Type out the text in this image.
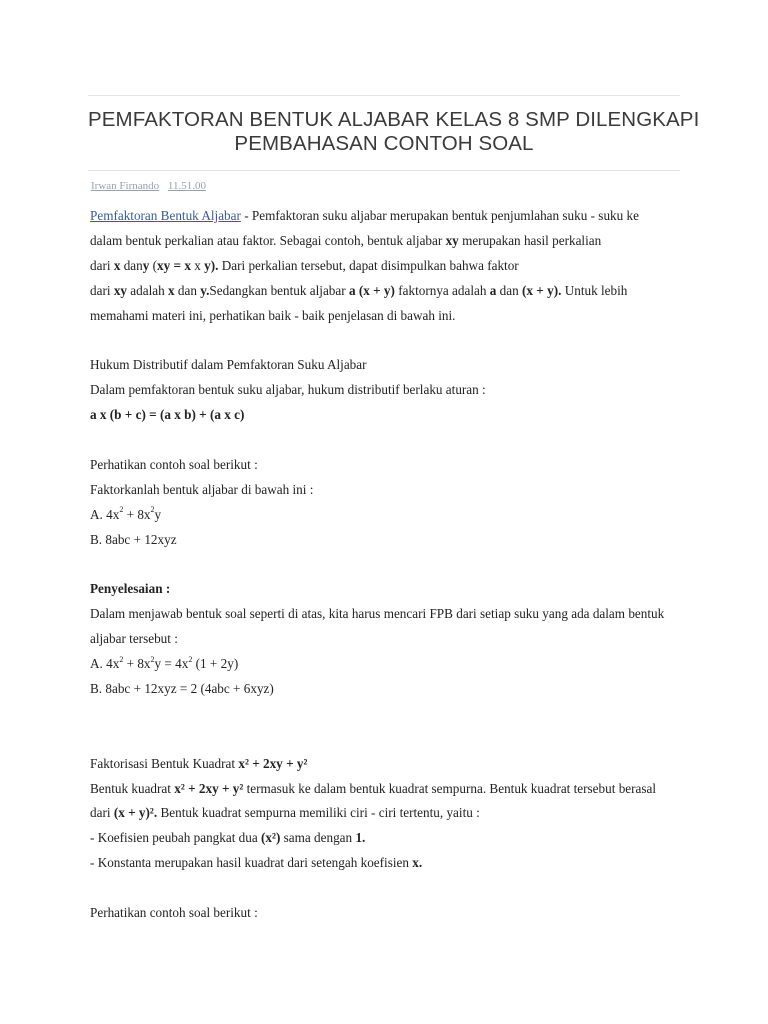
PEMFAKTORAN BENTUK ALJABAR KELAS 8 SMP DILENGKAPI
PEMBAHASAN CONTOH SOAL
Irwan Firnando 11.51.00
Pemfaktoran Bentuk Aljabar - Pemfaktoran suku aljabar merupakan bentuk penjumlahan suku - suku ke
dalam bentuk perkalian atau faktor. Sebagai contoh, bentuk aljabar xy merupakan hasil perkalian
dari x dany (xy = x x y). Dari perkalian tersebut, dapat disimpulkan bahwa faktor
dari xy adalah x dan y.Sedangkan bentuk aljabar a (x + y) faktornya adalah a dan (x + y). Untuk lebih
memahami materi ini, perhatikan baik - baik penjelasan di bawah ini.
Hukum Distributif dalam Pemfaktoran Suku Aljabar
Dalam pemfaktoran bentuk suku aljabar, hukum distributif berlaku aturan :
a x (b + c) = (a x b) + (a x c)
Perhatikan contoh soal berikut :
Faktorkanlah bentuk aljabar di bawah ini :
A. $4x^2 + 8x^2y$
B. 8abc + 12xyz
Penyelesaian :
Dalam menjawab bentuk soal seperti di atas, kita harus mencari FPB dari setiap suku yang ada dalam bentuk
aljabar tersebut :
A. $4x^2 + 8x^2y = 4x^2$ (1 + 2y)
B. 8abc + 12xyz = 2 (4abc + 6xyz)
Faktorisasi Bentuk Kuadrat x² + 2xy + y²
Bentuk kuadrat x² + 2xy + y² termasuk ke dalam bentuk kuadrat sempurna. Bentuk kuadrat tersebut berasal
dari (x + y)². Bentuk kuadrat sempurna memiliki ciri - ciri tertentu, yaitu :
- Koefisien peubah pangkat dua (x²) sama dengan 1.
- Konstanta merupakan hasil kuadrat dari setengah koefisien x.
Perhatikan contoh soal berikut :
